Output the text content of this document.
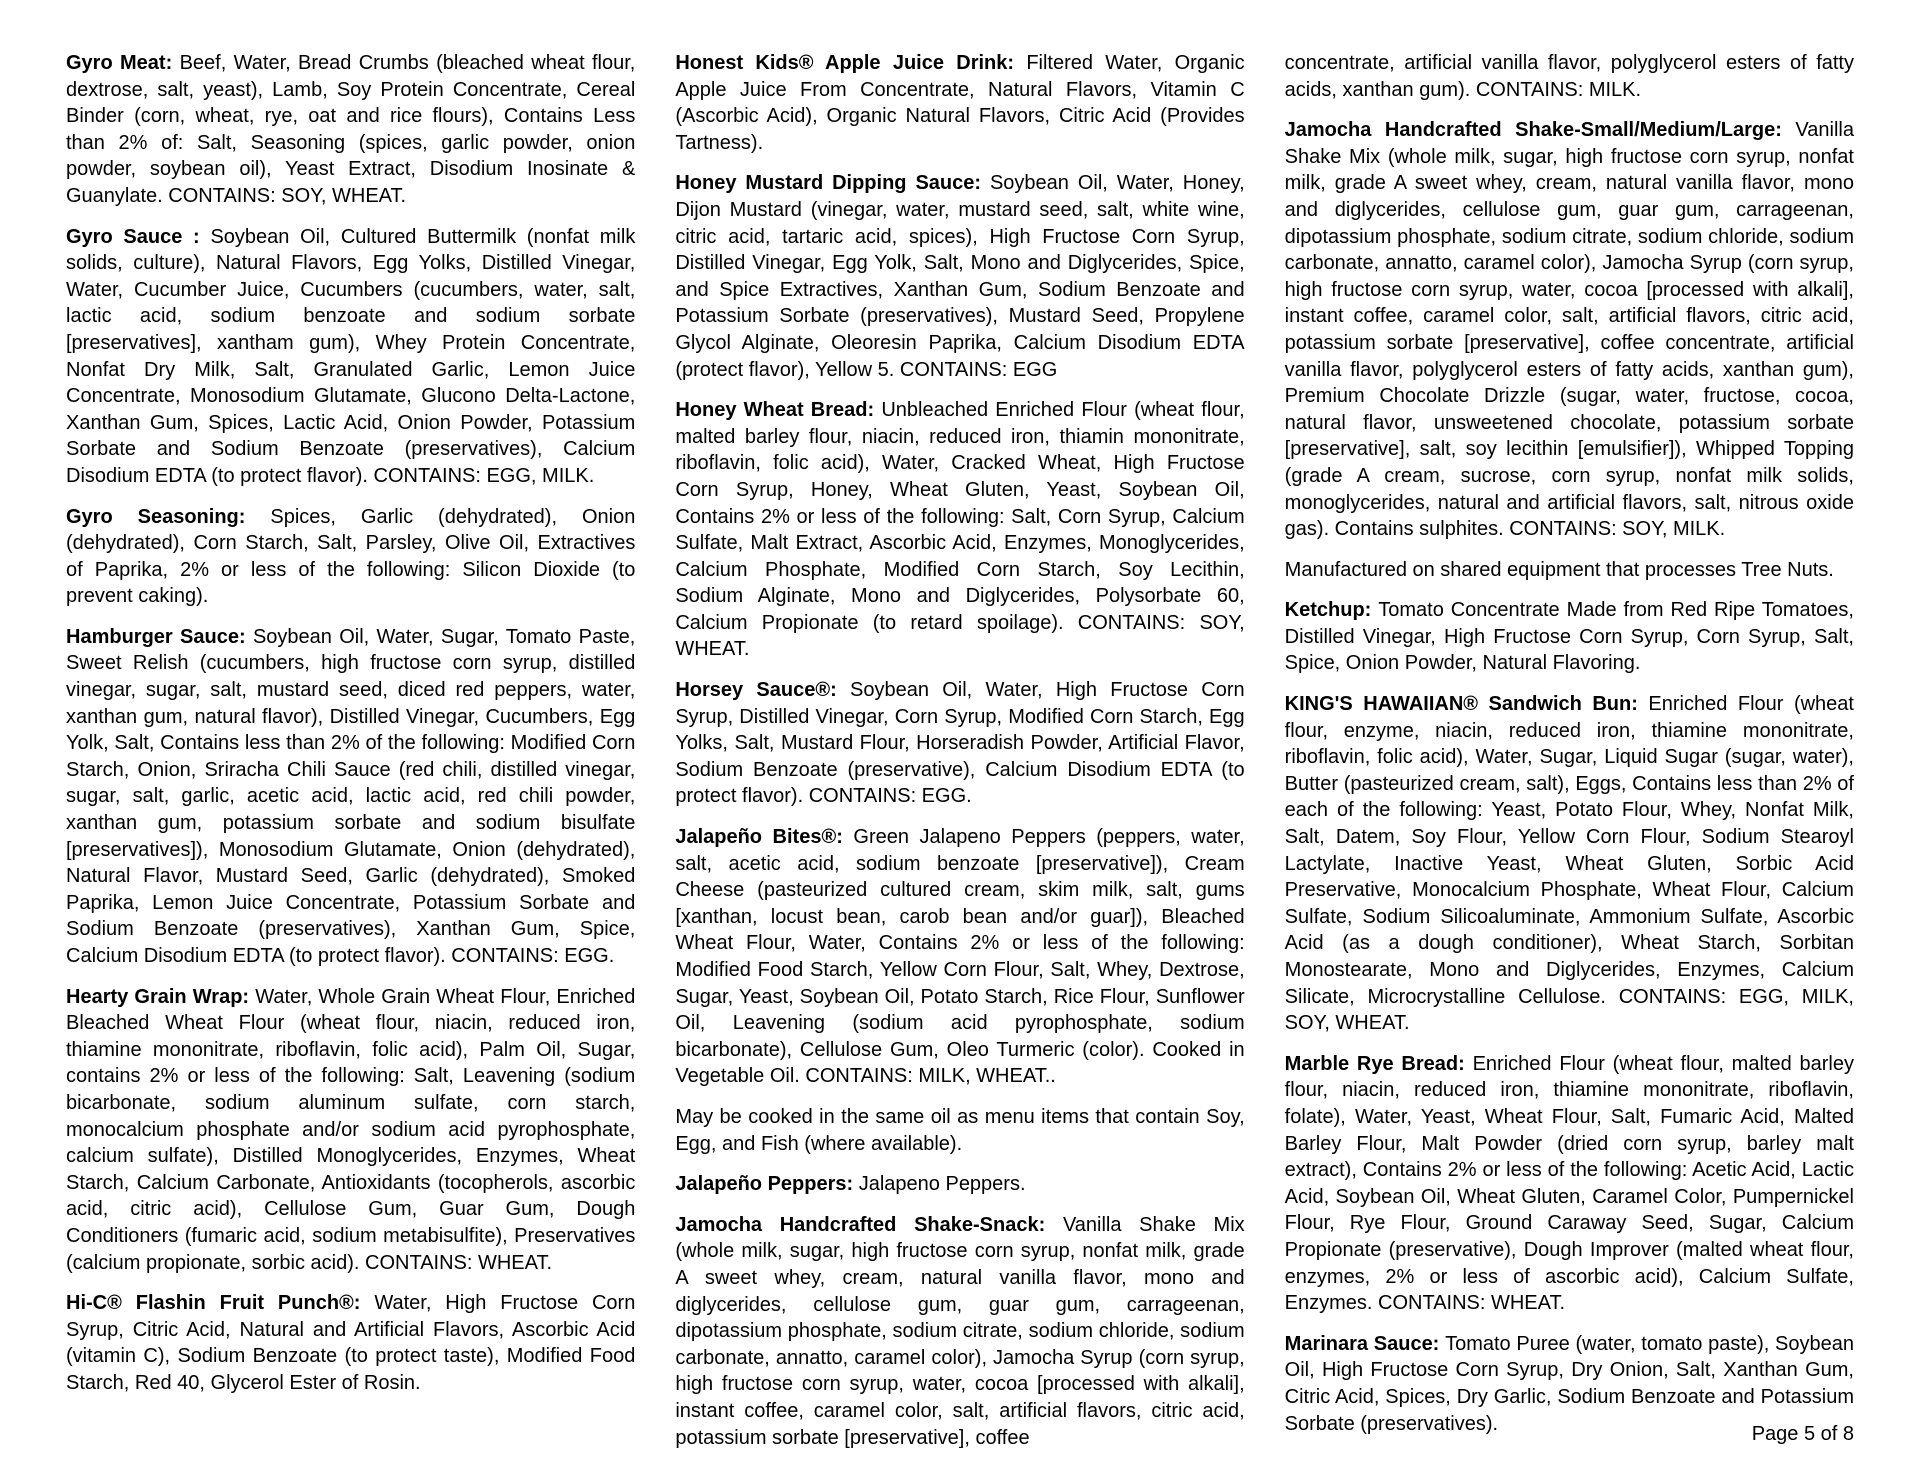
Gyro Meat: Beef, Water, Bread Crumbs (bleached wheat flour, dextrose, salt, yeast), Lamb, Soy Protein Concentrate, Cereal Binder (corn, wheat, rye, oat and rice flours), Contains Less than 2% of: Salt, Seasoning (spices, garlic powder, onion powder, soybean oil), Yeast Extract, Disodium Inosinate & Guanylate. CONTAINS: SOY, WHEAT.

Gyro Sauce : Soybean Oil, Cultured Buttermilk (nonfat milk solids, culture), Natural Flavors, Egg Yolks, Distilled Vinegar, Water, Cucumber Juice, Cucumbers (cucumbers, water, salt, lactic acid, sodium benzoate and sodium sorbate [preservatives], xantham gum), Whey Protein Concentrate, Nonfat Dry Milk, Salt, Granulated Garlic, Lemon Juice Concentrate, Monosodium Glutamate, Glucono Delta-Lactone, Xanthan Gum, Spices, Lactic Acid, Onion Powder, Potassium Sorbate and Sodium Benzoate (preservatives), Calcium Disodium EDTA (to protect flavor). CONTAINS: EGG, MILK.

Gyro Seasoning: Spices, Garlic (dehydrated), Onion (dehydrated), Corn Starch, Salt, Parsley, Olive Oil, Extractives of Paprika, 2% or less of the following: Silicon Dioxide (to prevent caking).

Hamburger Sauce: Soybean Oil, Water, Sugar, Tomato Paste, Sweet Relish (cucumbers, high fructose corn syrup, distilled vinegar, sugar, salt, mustard seed, diced red peppers, water, xanthan gum, natural flavor), Distilled Vinegar, Cucumbers, Egg Yolk, Salt, Contains less than 2% of the following: Modified Corn Starch, Onion, Sriracha Chili Sauce (red chili, distilled vinegar, sugar, salt, garlic, acetic acid, lactic acid, red chili powder, xanthan gum, potassium sorbate and sodium bisulfate [preservatives]), Monosodium Glutamate, Onion (dehydrated), Natural Flavor, Mustard Seed, Garlic (dehydrated), Smoked Paprika, Lemon Juice Concentrate, Potassium Sorbate and Sodium Benzoate (preservatives), Xanthan Gum, Spice, Calcium Disodium EDTA (to protect flavor). CONTAINS: EGG.

Hearty Grain Wrap: Water, Whole Grain Wheat Flour, Enriched Bleached Wheat Flour (wheat flour, niacin, reduced iron, thiamine mononitrate, riboflavin, folic acid), Palm Oil, Sugar, contains 2% or less of the following: Salt, Leavening (sodium bicarbonate, sodium aluminum sulfate, corn starch, monocalcium phosphate and/or sodium acid pyrophosphate, calcium sulfate), Distilled Monoglycerides, Enzymes, Wheat Starch, Calcium Carbonate, Antioxidants (tocopherols, ascorbic acid, citric acid), Cellulose Gum, Guar Gum, Dough Conditioners (fumaric acid, sodium metabisulfite), Preservatives (calcium propionate, sorbic acid). CONTAINS: WHEAT.

Hi-C® Flashin Fruit Punch®: Water, High Fructose Corn Syrup, Citric Acid, Natural and Artificial Flavors, Ascorbic Acid (vitamin C), Sodium Benzoate (to protect taste), Modified Food Starch, Red 40, Glycerol Ester of Rosin.

Honest Kids® Apple Juice Drink: Filtered Water, Organic Apple Juice From Concentrate, Natural Flavors, Vitamin C (Ascorbic Acid), Organic Natural Flavors, Citric Acid (Provides Tartness).

Honey Mustard Dipping Sauce: Soybean Oil, Water, Honey, Dijon Mustard (vinegar, water, mustard seed, salt, white wine, citric acid, tartaric acid, spices), High Fructose Corn Syrup, Distilled Vinegar, Egg Yolk, Salt, Mono and Diglycerides, Spice, and Spice Extractives, Xanthan Gum, Sodium Benzoate and Potassium Sorbate (preservatives), Mustard Seed, Propylene Glycol Alginate, Oleoresin Paprika, Calcium Disodium EDTA (protect flavor), Yellow 5. CONTAINS: EGG

Honey Wheat Bread: Unbleached Enriched Flour (wheat flour, malted barley flour, niacin, reduced iron, thiamin mononitrate, riboflavin, folic acid), Water, Cracked Wheat, High Fructose Corn Syrup, Honey, Wheat Gluten, Yeast, Soybean Oil, Contains 2% or less of the following: Salt, Corn Syrup, Calcium Sulfate, Malt Extract, Ascorbic Acid, Enzymes, Monoglycerides, Calcium Phosphate, Modified Corn Starch, Soy Lecithin, Sodium Alginate, Mono and Diglycerides, Polysorbate 60, Calcium Propionate (to retard spoilage). CONTAINS: SOY, WHEAT.

Horsey Sauce®: Soybean Oil, Water, High Fructose Corn Syrup, Distilled Vinegar, Corn Syrup, Modified Corn Starch, Egg Yolks, Salt, Mustard Flour, Horseradish Powder, Artificial Flavor, Sodium Benzoate (preservative), Calcium Disodium EDTA (to protect flavor). CONTAINS: EGG.

Jalapeño Bites®: Green Jalapeno Peppers (peppers, water, salt, acetic acid, sodium benzoate [preservative]), Cream Cheese (pasteurized cultured cream, skim milk, salt, gums [xanthan, locust bean, carob bean and/or guar]), Bleached Wheat Flour, Water, Contains 2% or less of the following: Modified Food Starch, Yellow Corn Flour, Salt, Whey, Dextrose, Sugar, Yeast, Soybean Oil, Potato Starch, Rice Flour, Sunflower Oil, Leavening (sodium acid pyrophosphate, sodium bicarbonate), Cellulose Gum, Oleo Turmeric (color). Cooked in Vegetable Oil. CONTAINS: MILK, WHEAT..

May be cooked in the same oil as menu items that contain Soy, Egg, and Fish (where available).

Jalapeño Peppers: Jalapeno Peppers.

Jamocha Handcrafted Shake-Snack: Vanilla Shake Mix (whole milk, sugar, high fructose corn syrup, nonfat milk, grade A sweet whey, cream, natural vanilla flavor, mono and diglycerides, cellulose gum, guar gum, carrageenan, dipotassium phosphate, sodium citrate, sodium chloride, sodium carbonate, annatto, caramel color), Jamocha Syrup (corn syrup, high fructose corn syrup, water, cocoa [processed with alkali], instant coffee, caramel color, salt, artificial flavors, citric acid, potassium sorbate [preservative], coffee

concentrate, artificial vanilla flavor, polyglycerol esters of fatty acids, xanthan gum). CONTAINS: MILK.

Jamocha Handcrafted Shake-Small/Medium/Large: Vanilla Shake Mix (whole milk, sugar, high fructose corn syrup, nonfat milk, grade A sweet whey, cream, natural vanilla flavor, mono and diglycerides, cellulose gum, guar gum, carrageenan, dipotassium phosphate, sodium citrate, sodium chloride, sodium carbonate, annatto, caramel color), Jamocha Syrup (corn syrup, high fructose corn syrup, water, cocoa [processed with alkali], instant coffee, caramel color, salt, artificial flavors, citric acid, potassium sorbate [preservative], coffee concentrate, artificial vanilla flavor, polyglycerol esters of fatty acids, xanthan gum), Premium Chocolate Drizzle (sugar, water, fructose, cocoa, natural flavor, unsweetened chocolate, potassium sorbate [preservative], salt, soy lecithin [emulsifier]), Whipped Topping (grade A cream, sucrose, corn syrup, nonfat milk solids, monoglycerides, natural and artificial flavors, salt, nitrous oxide gas). Contains sulphites. CONTAINS: SOY, MILK.

Manufactured on shared equipment that processes Tree Nuts.

Ketchup: Tomato Concentrate Made from Red Ripe Tomatoes, Distilled Vinegar, High Fructose Corn Syrup, Corn Syrup, Salt, Spice, Onion Powder, Natural Flavoring.

KING'S HAWAIIAN® Sandwich Bun: Enriched Flour (wheat flour, enzyme, niacin, reduced iron, thiamine mononitrate, riboflavin, folic acid), Water, Sugar, Liquid Sugar (sugar, water), Butter (pasteurized cream, salt), Eggs, Contains less than 2% of each of the following: Yeast, Potato Flour, Whey, Nonfat Milk, Salt, Datem, Soy Flour, Yellow Corn Flour, Sodium Stearoyl Lactylate, Inactive Yeast, Wheat Gluten, Sorbic Acid Preservative, Monocalcium Phosphate, Wheat Flour, Calcium Sulfate, Sodium Silicoaluminate, Ammonium Sulfate, Ascorbic Acid (as a dough conditioner), Wheat Starch, Sorbitan Monostearate, Mono and Diglycerides, Enzymes, Calcium Silicate, Microcrystalline Cellulose. CONTAINS: EGG, MILK, SOY, WHEAT.

Marble Rye Bread: Enriched Flour (wheat flour, malted barley flour, niacin, reduced iron, thiamine mononitrate, riboflavin, folate), Water, Yeast, Wheat Flour, Salt, Fumaric Acid, Malted Barley Flour, Malt Powder (dried corn syrup, barley malt extract), Contains 2% or less of the following: Acetic Acid, Lactic Acid, Soybean Oil, Wheat Gluten, Caramel Color, Pumpernickel Flour, Rye Flour, Ground Caraway Seed, Sugar, Calcium Propionate (preservative), Dough Improver (malted wheat flour, enzymes, 2% or less of ascorbic acid), Calcium Sulfate, Enzymes. CONTAINS: WHEAT.

Marinara Sauce: Tomato Puree (water, tomato paste), Soybean Oil, High Fructose Corn Syrup, Dry Onion, Salt, Xanthan Gum, Citric Acid, Spices, Dry Garlic, Sodium Benzoate and Potassium Sorbate (preservatives).	Page 5 of 8
